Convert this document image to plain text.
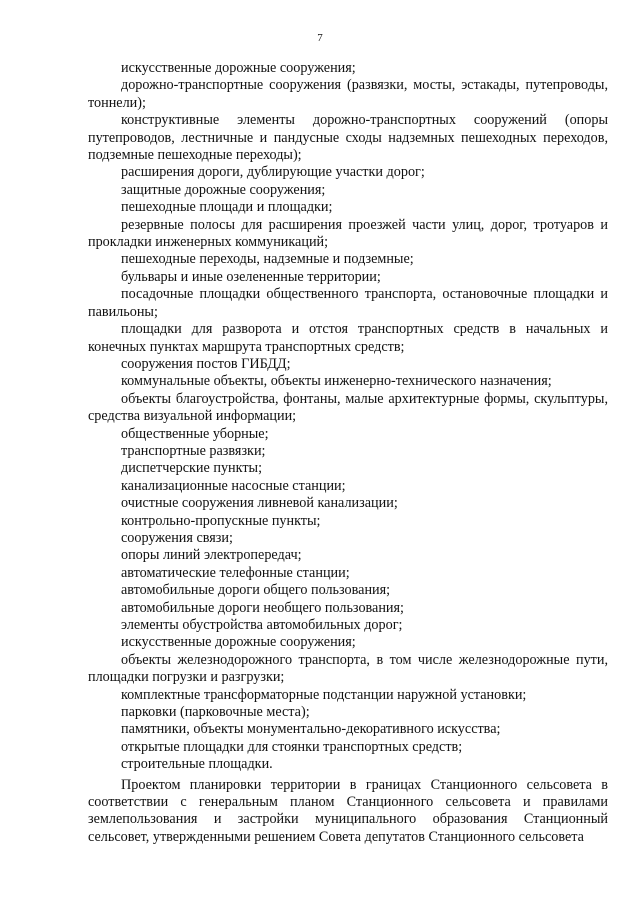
7

искусственные дорожные сооружения;

дорожно-транспортные сооружения (развязки, мосты, эстакады, путепроводы, тоннели);

конструктивные элементы дорожно-транспортных сооружений (опоры путепроводов, лестничные и пандусные сходы надземных пешеходных переходов, подземные пешеходные переходы);

расширения дороги, дублирующие участки дорог;

защитные дорожные сооружения;

пешеходные площади и площадки;

резервные полосы для расширения проезжей части улиц, дорог, тротуаров и прокладки инженерных коммуникаций;

пешеходные переходы, надземные и подземные;

бульвары и иные озелененные территории;

посадочные площадки общественного транспорта, остановочные площадки и павильоны;

площадки для разворота и отстоя транспортных средств в начальных и конечных пунктах маршрута транспортных средств;

сооружения постов ГИБДД;

коммунальные объекты, объекты инженерно-технического назначения;

объекты благоустройства, фонтаны, малые архитектурные формы, скульптуры, средства визуальной информации;

общественные уборные;

транспортные развязки;

диспетчерские пункты;

канализационные насосные станции;

очистные сооружения ливневой канализации;

контрольно-пропускные пункты;

сооружения связи;

опоры линий электропередач;

автоматические телефонные станции;

автомобильные дороги общего пользования;

автомобильные дороги необщего пользования;

элементы обустройства автомобильных дорог;

искусственные дорожные сооружения;

объекты железнодорожного транспорта, в том числе железнодорожные пути, площадки погрузки и разгрузки;

комплектные трансформаторные подстанции наружной установки;

парковки (парковочные места);

памятники, объекты монументально-декоративного искусства;

открытые площадки для стоянки транспортных средств;

строительные площадки.

Проектом планировки территории в границах Станционного сельсовета в соответствии с генеральным планом Станционного сельсовета и правилами землепользования и застройки муниципального образования Станционный сельсовет, утвержденными решением Совета депутатов Станционного сельсовета
